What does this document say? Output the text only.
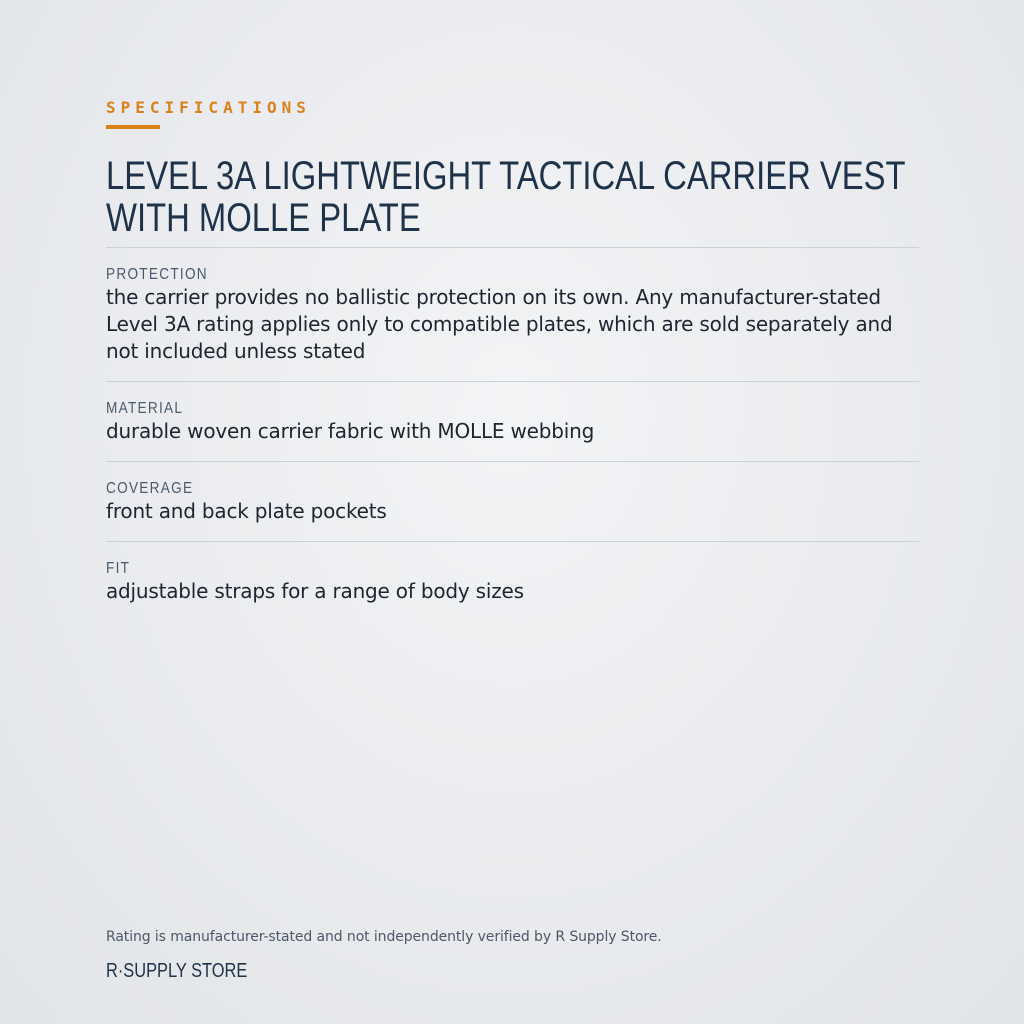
SPECIFICATIONS
LEVEL 3A LIGHTWEIGHT TACTICAL CARRIER VEST WITH MOLLE PLATE
PROTECTION
the carrier provides no ballistic protection on its own. Any manufacturer-stated Level 3A rating applies only to compatible plates, which are sold separately and not included unless stated
MATERIAL
durable woven carrier fabric with MOLLE webbing
COVERAGE
front and back plate pockets
FIT
adjustable straps for a range of body sizes
Rating is manufacturer-stated and not independently verified by R Supply Store.
R·SUPPLY STORE
